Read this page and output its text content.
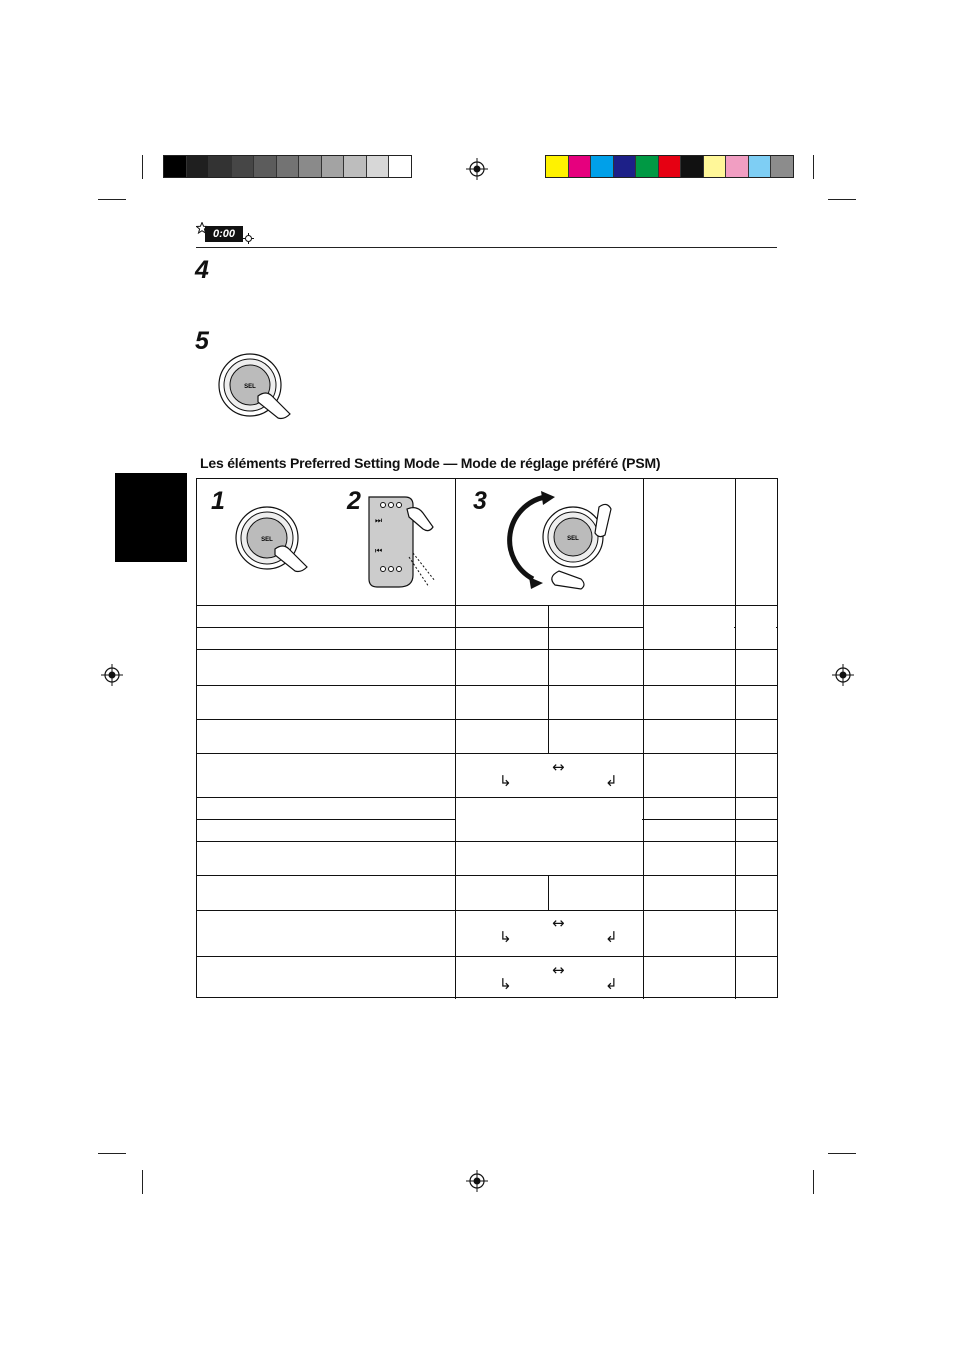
0:00
4
5
SEL
Les éléments Preferred Setting Mode — Mode de réglage préféré (PSM)
1	2	3
SEL
⏭
⏮
SEL
↔
↳	↲
↔
↳	↲
↔
↳	↲
